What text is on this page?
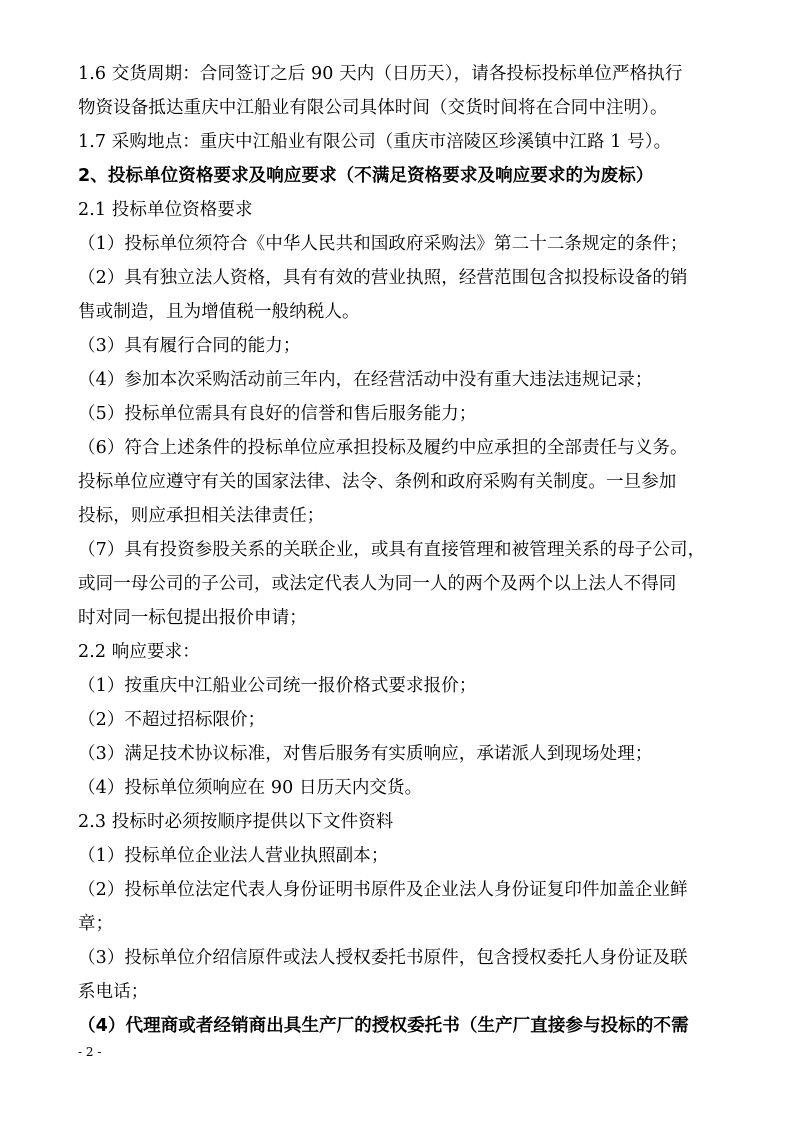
1.6 交货周期：合同签订之后 90 天内（日历天），请各投标投标单位严格执行
物资设备抵达重庆中江船业有限公司具体时间（交货时间将在合同中注明）。
1.7 采购地点：重庆中江船业有限公司（重庆市涪陵区珍溪镇中江路 1 号）。
2、投标单位资格要求及响应要求（不满足资格要求及响应要求的为废标）
2.1 投标单位资格要求
（1）投标单位须符合《中华人民共和国政府采购法》第二十二条规定的条件；
（2）具有独立法人资格，具有有效的营业执照，经营范围包含拟投标设备的销
售或制造，且为增值税一般纳税人。
（3）具有履行合同的能力；
（4）参加本次采购活动前三年内，在经营活动中没有重大违法违规记录；
（5）投标单位需具有良好的信誉和售后服务能力；
（6）符合上述条件的投标单位应承担投标及履约中应承担的全部责任与义务。
投标单位应遵守有关的国家法律、法令、条例和政府采购有关制度。一旦参加
投标，则应承担相关法律责任；
（7）具有投资参股关系的关联企业，或具有直接管理和被管理关系的母子公司，
或同一母公司的子公司，或法定代表人为同一人的两个及两个以上法人不得同
时对同一标包提出报价申请；
2.2 响应要求：
（1）按重庆中江船业公司统一报价格式要求报价；
（2）不超过招标限价；
（3）满足技术协议标准，对售后服务有实质响应，承诺派人到现场处理；
（4）投标单位须响应在 90 日历天内交货。
2.3 投标时必须按顺序提供以下文件资料
（1）投标单位企业法人营业执照副本；
（2）投标单位法定代表人身份证明书原件及企业法人身份证复印件加盖企业鲜
章；
（3）投标单位介绍信原件或法人授权委托书原件，包含授权委托人身份证及联
系电话；
（4）代理商或者经销商出具生产厂的授权委托书（生产厂直接参与投标的不需
- 2 -
